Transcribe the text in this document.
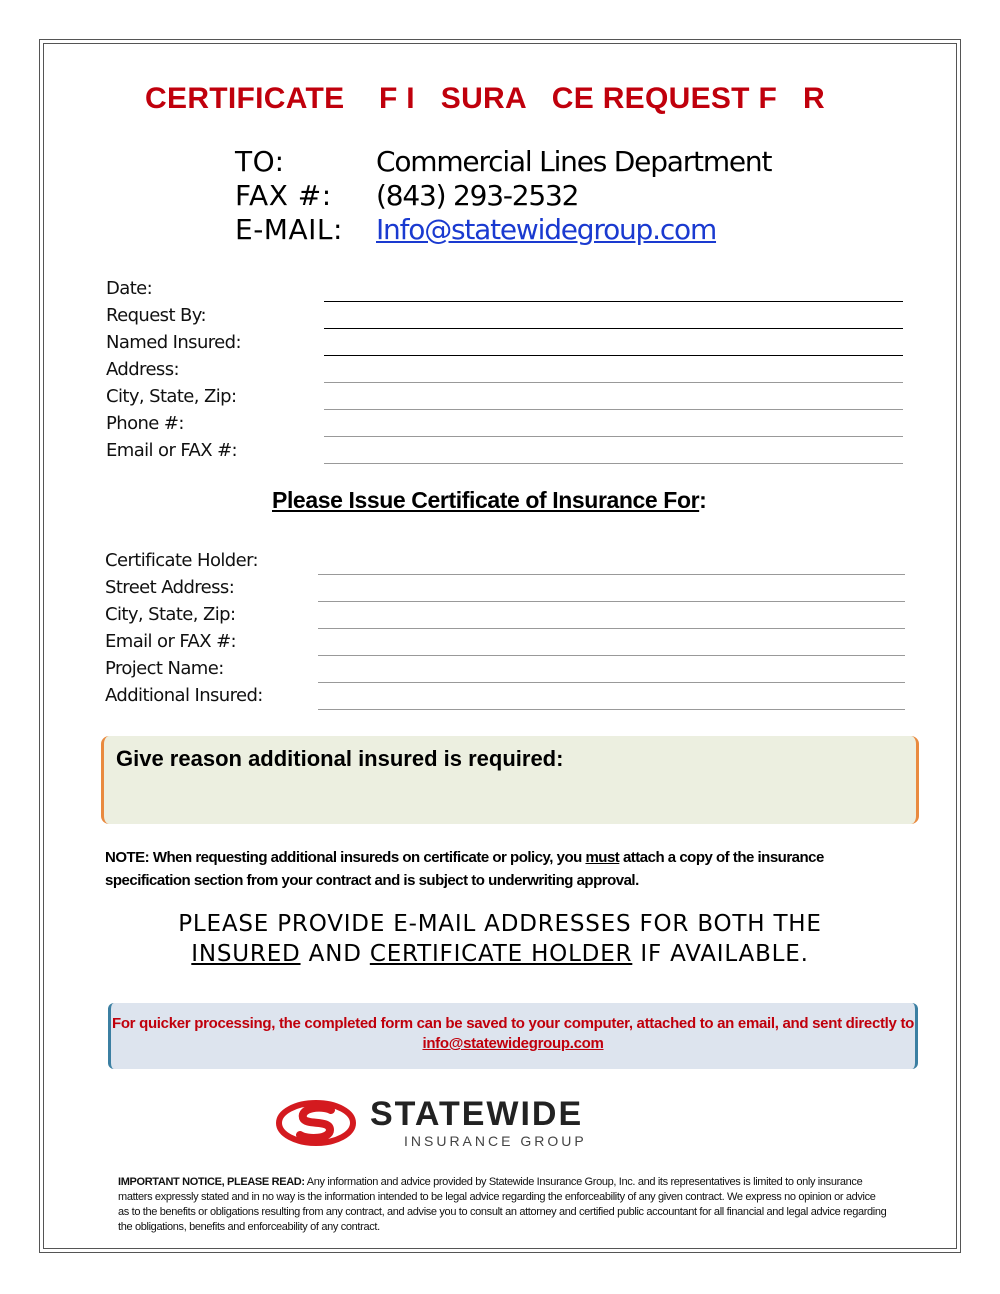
CERTIFICATE    F I   SURA   CE REQUEST F   R
TO:	Commercial Lines Department
FAX #: (843) 293-2532
E-MAIL: Info@statewidegroup.com
Date:
Request By:
Named Insured:
Address:
City, State, Zip:
Phone #:
Email or FAX #:
Please Issue Certificate of Insurance For:
Certificate Holder:
Street Address:
City, State, Zip:
Email or FAX #:
Project Name:
Additional Insured:
Give reason additional insured is required:
NOTE: When requesting additional insureds on certificate or policy, you must attach a copy of the insurance specification section from your contract and is subject to underwriting approval.
PLEASE PROVIDE E-MAIL ADDRESSES FOR BOTH THE
INSURED AND CERTIFICATE HOLDER IF AVAILABLE.
For quicker processing, the completed form can be saved to your computer, attached to an email, and sent directly to info@statewidegroup.com
STATEWIDE
INSURANCE GROUP
IMPORTANT NOTICE, PLEASE READ: Any information and advice provided by Statewide Insurance Group, Inc. and its representatives is limited to only insurance matters expressly stated and in no way is the information intended to be legal advice regarding the enforceability of any given contract. We express no opinion or advice as to the benefits or obligations resulting from any contract, and advise you to consult an attorney and certified public accountant for all financial and legal advice regarding the obligations, benefits and enforceability of any contract.
